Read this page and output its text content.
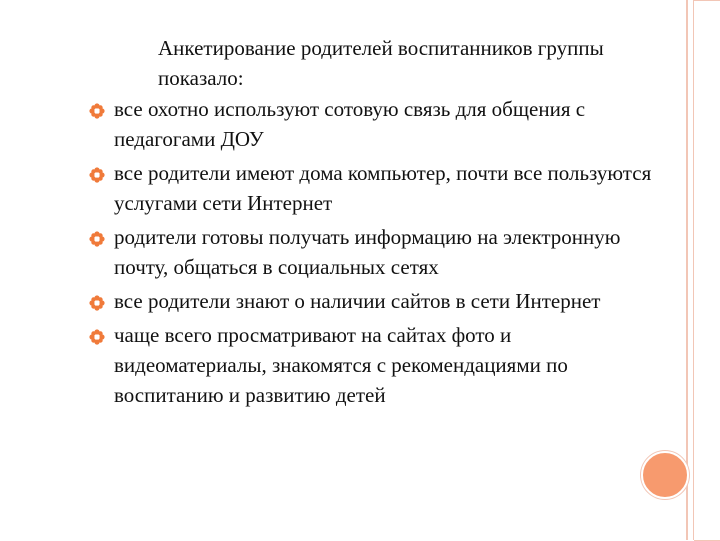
Анкетирование родителей воспитанников группы показало:

все охотно используют сотовую связь для общения с педагогами ДОУ
все родители имеют дома компьютер, почти все пользуются услугами сети Интернет
родители готовы получать информацию на электронную почту, общаться в социальных сетях
все родители знают о наличии сайтов в сети Интернет
чаще всего просматривают на сайтах фото и видеоматериалы, знакомятся с рекомендациями по воспитанию и развитию детей
